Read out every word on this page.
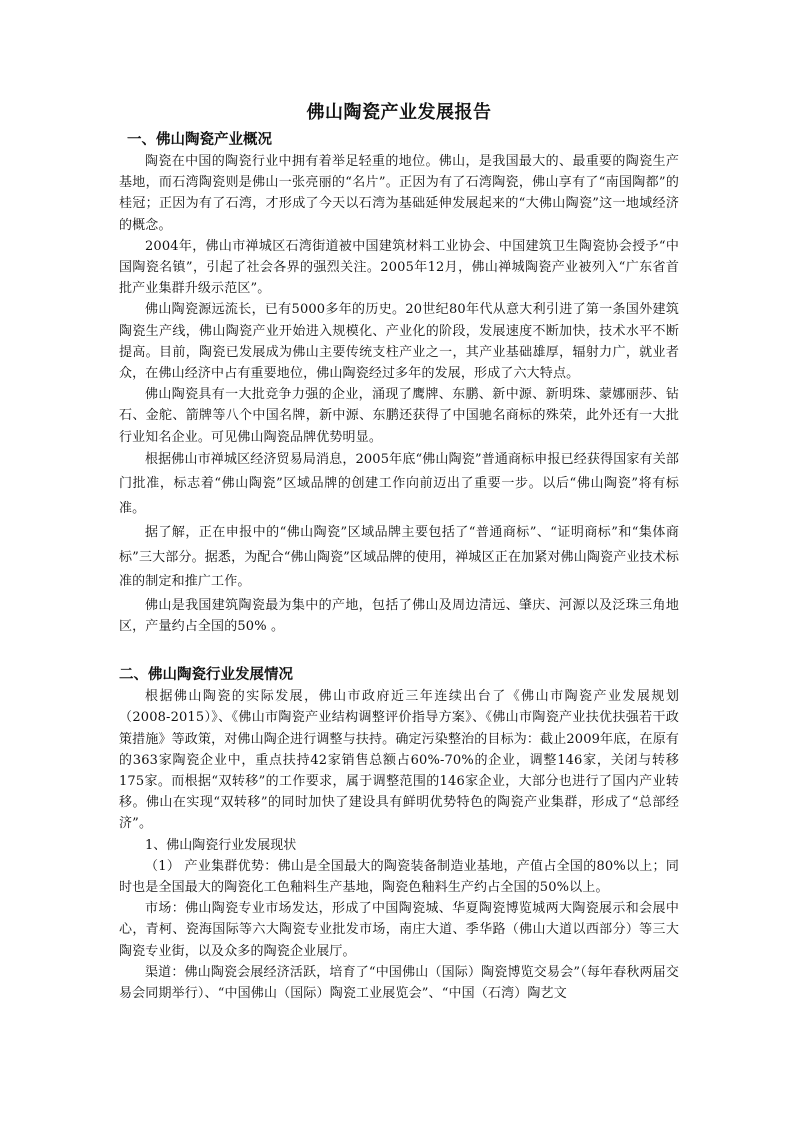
佛山陶瓷产业发展报告
一、佛山陶瓷产业概况

陶瓷在中国的陶瓷行业中拥有着举足轻重的地位。佛山，是我国最大的、最重要的陶瓷生产基地，而石湾陶瓷则是佛山一张亮丽的“名片”。正因为有了石湾陶瓷，佛山享有了“南国陶都”的桂冠；正因为有了石湾，才形成了今天以石湾为基础延伸发展起来的“大佛山陶瓷”这一地域经济的概念。

2004年，佛山市禅城区石湾街道被中国建筑材料工业协会、中国建筑卫生陶瓷协会授予“中国陶瓷名镇”，引起了社会各界的强烈关注。2005年12月，佛山禅城陶瓷产业被列入“广东省首批产业集群升级示范区”。

佛山陶瓷源远流长，已有5000多年的历史。20世纪80年代从意大利引进了第一条国外建筑陶瓷生产线，佛山陶瓷产业开始进入规模化、产业化的阶段，发展速度不断加快，技术水平不断提高。目前，陶瓷已发展成为佛山主要传统支柱产业之一，其产业基础雄厚，辐射力广，就业者众，在佛山经济中占有重要地位，佛山陶瓷经过多年的发展，形成了六大特点。

佛山陶瓷具有一大批竞争力强的企业，涌现了鹰牌、东鹏、新中源、新明珠、蒙娜丽莎、钻石、金舵、箭牌等八个中国名牌，新中源、东鹏还获得了中国驰名商标的殊荣，此外还有一大批行业知名企业。可见佛山陶瓷品牌优势明显。

根据佛山市禅城区经济贸易局消息，2005年底“佛山陶瓷”普通商标申报已经获得国家有关部门批准，标志着“佛山陶瓷”区域品牌的创建工作向前迈出了重要一步。以后“佛山陶瓷”将有标准。

据了解，正在申报中的“佛山陶瓷”区域品牌主要包括了“普通商标”、“证明商标”和“集体商标”三大部分。据悉，为配合“佛山陶瓷”区域品牌的使用，禅城区正在加紧对佛山陶瓷产业技术标准的制定和推广工作。

佛山是我国建筑陶瓷最为集中的产地，包括了佛山及周边清远、肇庆、河源以及泛珠三角地区，产量约占全国的50% 。

二、佛山陶瓷行业发展情况

根据佛山陶瓷的实际发展，佛山市政府近三年连续出台了《佛山市陶瓷产业发展规划（2008-2015）》、《佛山市陶瓷产业结构调整评价指导方案》、《佛山市陶瓷产业扶优扶强若干政策措施》等政策，对佛山陶企进行调整与扶持。确定污染整治的目标为：截止2009年底，在原有的363家陶瓷企业中，重点扶持42家销售总额占60%-70%的企业，调整146家，关闭与转移175家。而根据“双转移”的工作要求，属于调整范围的146家企业，大部分也进行了国内产业转移。佛山在实现“双转移”的同时加快了建设具有鲜明优势特色的陶瓷产业集群，形成了“总部经济”。

1、佛山陶瓷行业发展现状

（1） 产业集群优势：佛山是全国最大的陶瓷装备制造业基地，产值占全国的80%以上；同时也是全国最大的陶瓷化工色釉料生产基地，陶瓷色釉料生产约占全国的50%以上。

市场：佛山陶瓷专业市场发达，形成了中国陶瓷城、华夏陶瓷博览城两大陶瓷展示和会展中心，青柯、瓷海国际等六大陶瓷专业批发市场，南庄大道、季华路（佛山大道以西部分）等三大陶瓷专业街，以及众多的陶瓷企业展厅。

渠道：佛山陶瓷会展经济活跃，培育了“中国佛山（国际）陶瓷博览交易会”（每年春秋两届交易会同期举行）、“中国佛山（国际）陶瓷工业展览会”、“中国（石湾）陶艺文
